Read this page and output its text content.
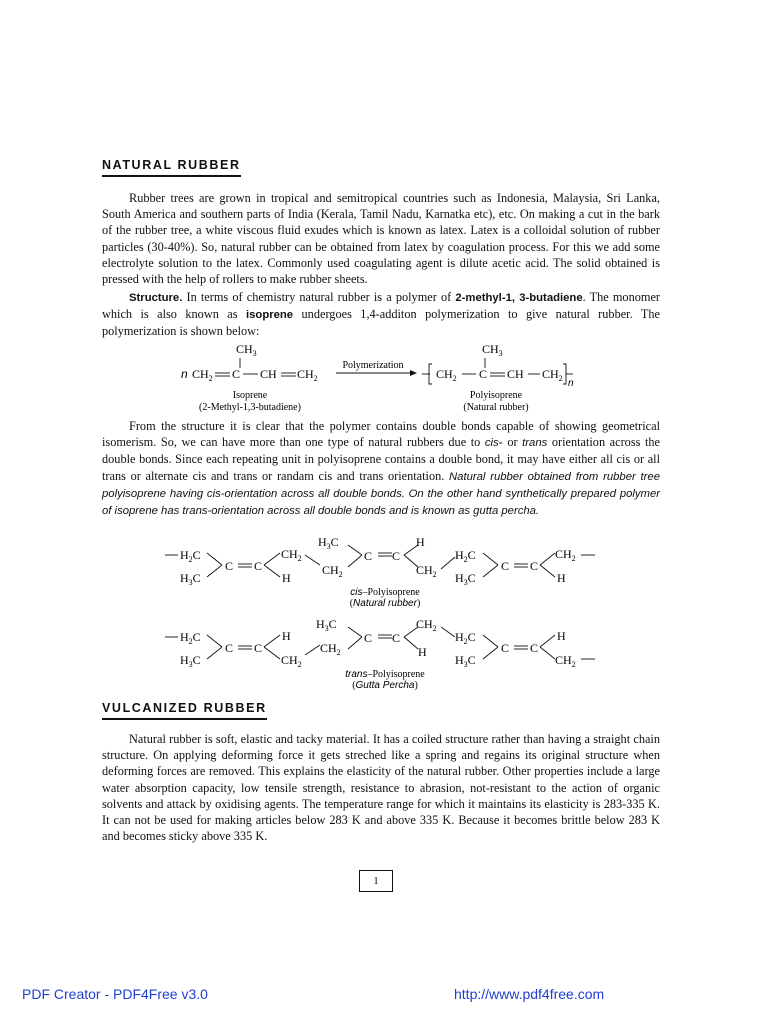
NATURAL RUBBER

Rubber trees are grown in tropical and semitropical countries such as Indonesia, Malaysia, Sri Lanka, South America and southern parts of India (Kerala, Tamil Nadu, Karnatka etc), etc. On making a cut in the bark of the rubber tree, a white viscous fluid exudes which is known as latex. Latex is a colloidal solution of rubber particles (30-40%). So, natural rubber can be obtained from latex by coagulation process. For this we add some electrolyte solution to the latex. Commonly used coagulating agent is dilute acetic acid. The solid obtained is pressed with the help of rollers to make rubber sheets.

Structure. In terms of chemistry natural rubber is a polymer of 2-methyl-1, 3-butadiene. The monomer which is also known as isoprene undergoes 1,4-additon polymerization to give natural rubber. The polymerization is shown below:

$CH_3$
n $CH_2$ C CH $CH_2$
Isoprene
(2-Methyl-1,3-butadiene)
Polymerization
$CH_2$ C
$CH_3$
CH $CH_2$ n
Polyisoprene
(Natural rubber)

From the structure it is clear that the polymer contains double bonds capable of showing geometrical isomerism. So, we can have more than one type of natural rubbers due to cis- or trans orientation across the double bonds. Since each repeating unit in polyisoprene contains a double bond, it may have either all cis or all trans or alternate cis and trans or randam cis and trans orientation. Natural rubber obtained from rubber tree polyisoprene having cis-orientation across all double bonds. On the other hand synthetically prepared polymer of isoprene has trans-orientation across all double bonds and is known as gutta percha.

$H_2C$
$H_3C$
C C
$CH_2$
H
$H_3C$
$CH_2$
C C
H
$CH_2$
$H_2C$
$H_3C$
C C
$CH_2$
H
cis–Polyisoprene
(Natural rubber)
$H_2C$
$H_3C$
C C
H
$CH_2$
$H_3C$
$CH_2$
C C
$CH_2$
H
$H_2C$
$H_3C$
C C
H
$CH_2$
trans–Polyisoprene
(Gutta Percha)
VULCANIZED RUBBER

Natural rubber is soft, elastic and tacky material. It has a coiled structure rather than having a straight chain structure. On applying deforming force it gets streched like a spring and regains its original structure when deforming forces are removed. This explains the elasticity of the natural rubber. Other properties include a large water absorption capacity, low tensile strength, resistance to abrasion, not-resistant to the action of organic solvents and attack by oxidising agents. The temperature range for which it maintains its elasticity is 283-335 K. It can not be used for making articles below 283 K and above 335 K. Because it becomes brittle below 283 K and becomes sticky above 335 K.

1
PDF Creator - PDF4Free v3.0	http://www.pdf4free.com
